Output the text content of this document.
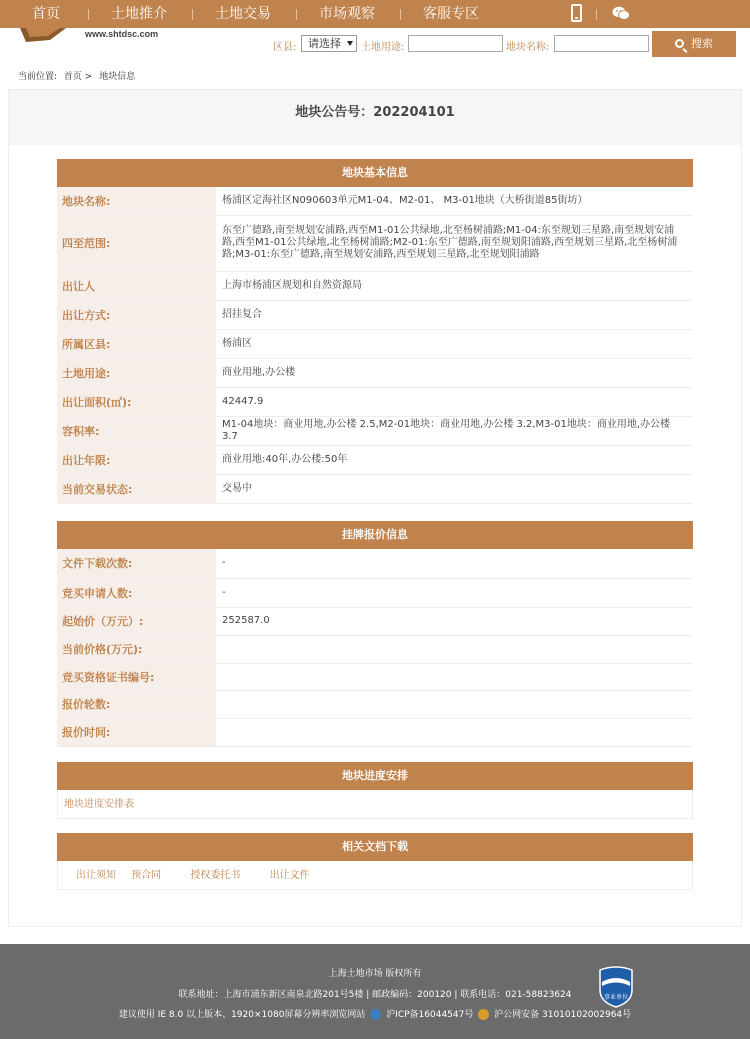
首页	土地推介	土地交易	市场观察	客服专区
www.shtdsc.com
区县:	请选择	土地用途:	地块名称:	搜索
当前位置: 首页 > 地块信息
地块公告号：202204101
地块基本信息
地块名称:	杨浦区定海社区N090603单元M1-04、M2-01、 M3-01地块（大桥街道85街坊）
四至范围:	东至广德路,南至规划安浦路,西至M1-01公共绿地,北至杨树浦路;M1-04:东至规划三星路,南至规划安浦路,西至M1-01公共绿地,北至杨树浦路;M2-01:东至广德路,南至规划阳浦路,西至规划三星路,北至杨树浦路;M3-01:东至广德路,南至规划安浦路,西至规划三星路,北至规划阳浦路
出让人	上海市杨浦区规划和自然资源局
出让方式:	招挂复合
所属区县:	杨浦区
土地用途:	商业用地,办公楼
出让面积(㎡):	42447.9
容积率:	M1-04地块：商业用地,办公楼 2.5,M2-01地块：商业用地,办公楼 3.2,M3-01地块：商业用地,办公楼 3.7
出让年限:	商业用地:40年,办公楼:50年
当前交易状态:	交易中
挂牌报价信息
文件下载次数:	-
竞买申请人数:	-
起始价（万元）:	252587.0
当前价格(万元):	
竞买资格证书编号:	
报价轮数:	
报价时间:	
地块进度安排
地块进度安排表
相关文档下载
出让须知 预合同	授权委托书	出让文件
上海土地市场 版权所有
联系地址：上海市浦东新区南泉北路201号5楼 | 邮政编码：200120 | 联系电话：021-58823624
建议使用 IE 8.0 以上版本、1920×1080屏幕分辨率浏览网站 沪ICP备16044547号 沪公网安备 31010102002964号
事业单位
